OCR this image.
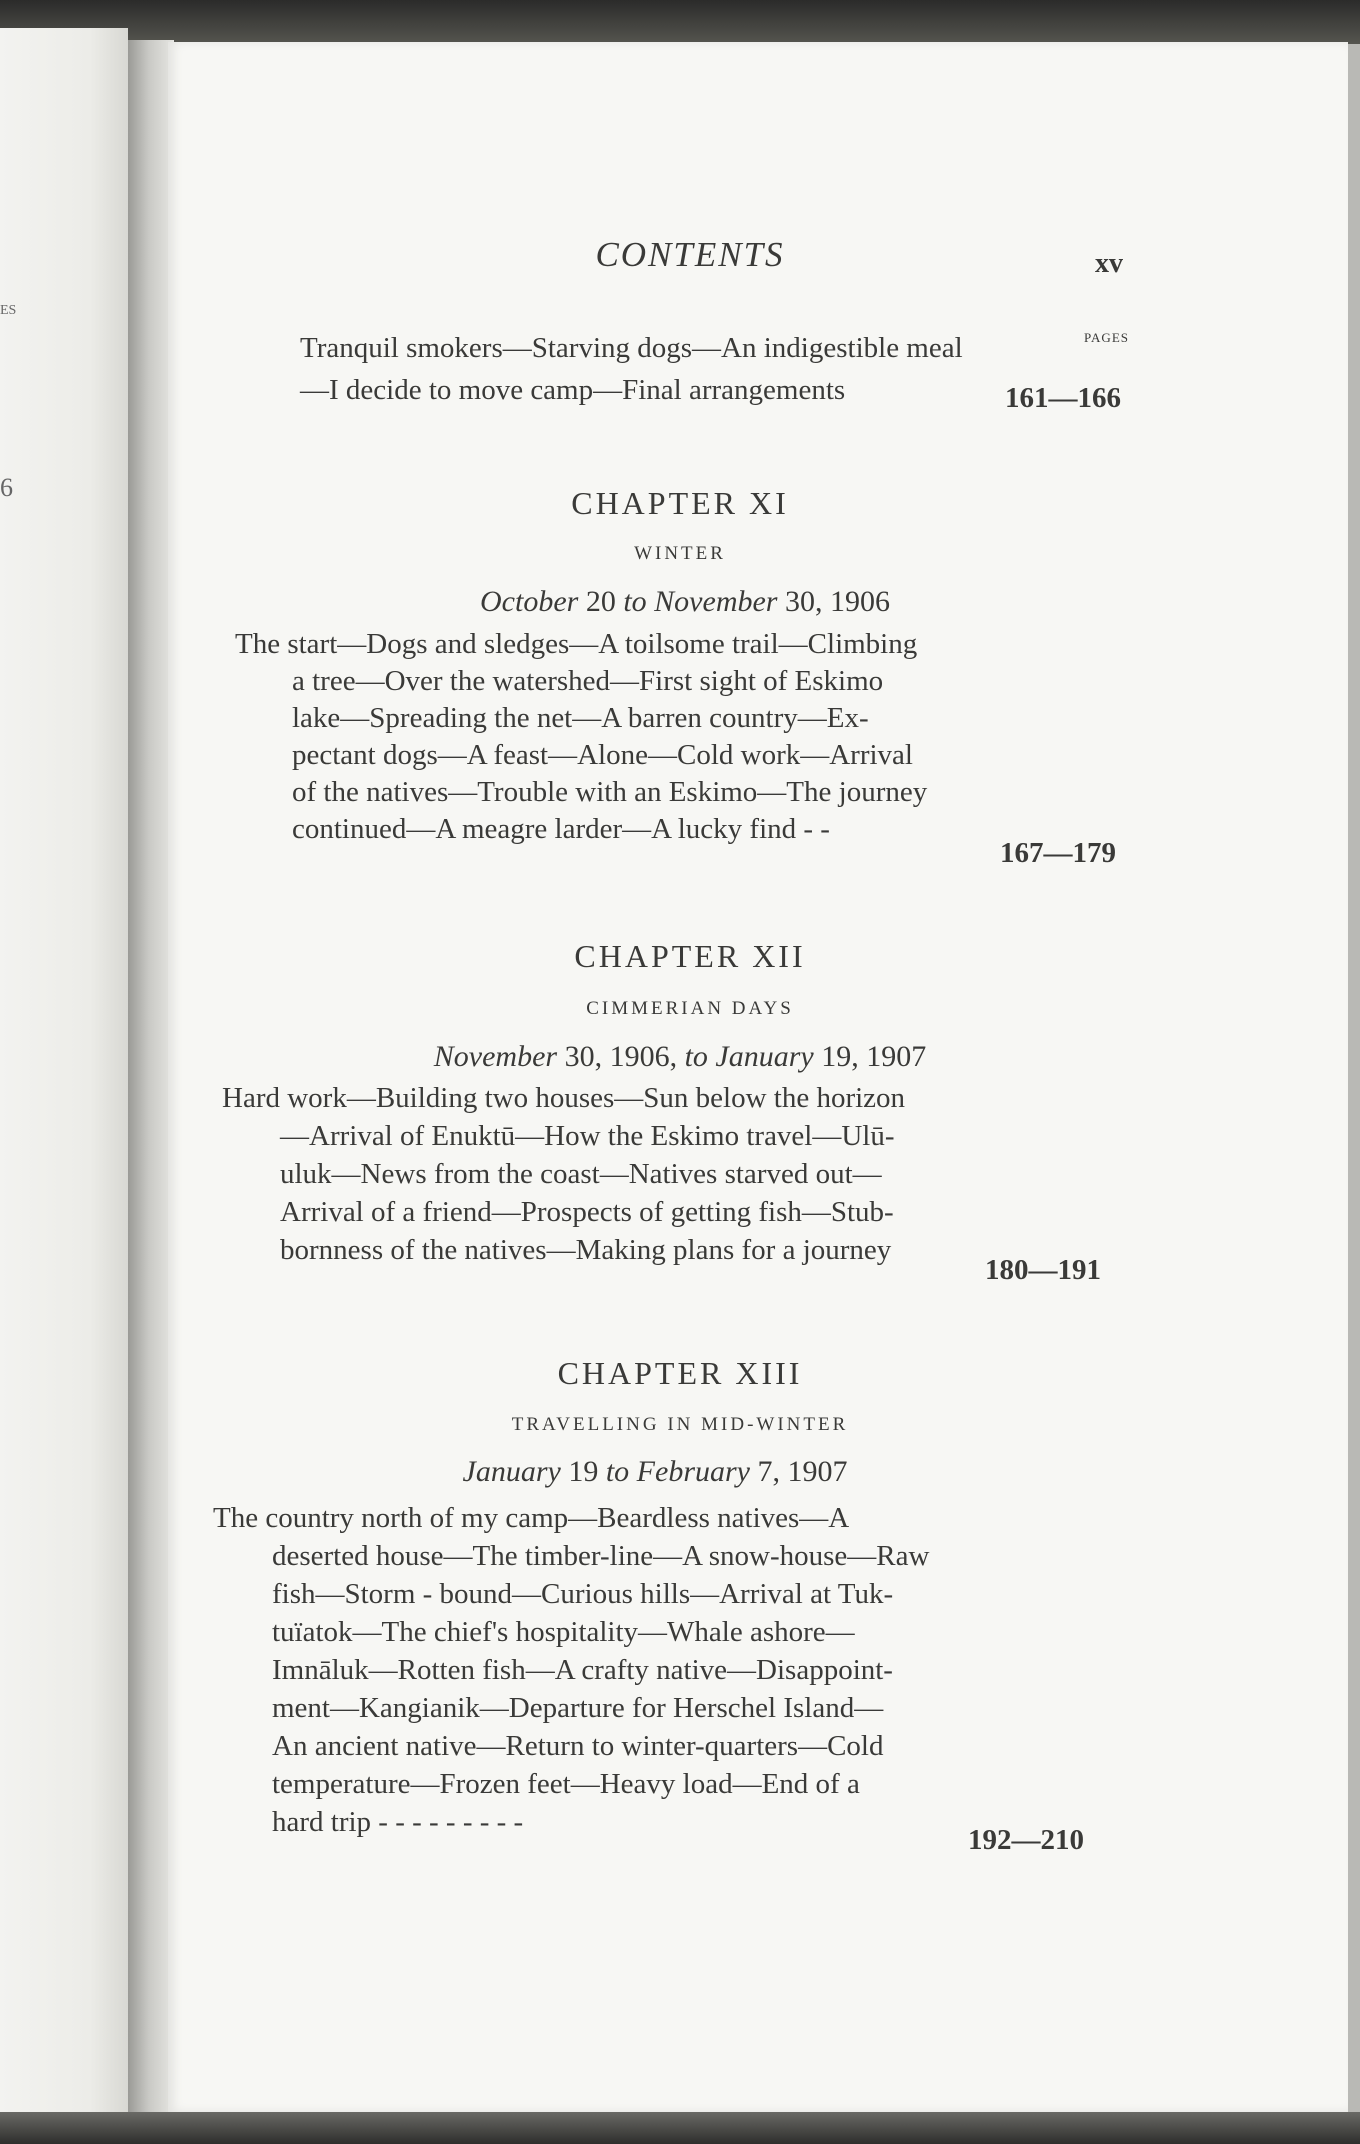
ES
6
CONTENTS	xv
PAGES
Tranquil smokers—Starving dogs—An indigestible meal
—I decide to move camp—Final arrangements	161—166
CHAPTER XI
WINTER
October 20 to November 30, 1906
The start—Dogs and sledges—A toilsome trail—Climbing
a tree—Over the watershed—First sight of Eskimo
lake—Spreading the net—A barren country—Ex-
pectant dogs—A feast—Alone—Cold work—Arrival
of the natives—Trouble with an Eskimo—The journey
continued—A meagre larder—A lucky find - -
167—179
CHAPTER XII
CIMMERIAN DAYS
November 30, 1906, to January 19, 1907
Hard work—Building two houses—Sun below the horizon
—Arrival of Enuktū—How the Eskimo travel—Ulū-
uluk—News from the coast—Natives starved out—
Arrival of a friend—Prospects of getting fish—Stub-
bornness of the natives—Making plans for a journey
180—191
CHAPTER XIII
TRAVELLING IN MID-WINTER
January 19 to February 7, 1907
The country north of my camp—Beardless natives—A
deserted house—The timber-line—A snow-house—Raw
fish—Storm - bound—Curious hills—Arrival at Tuk-
tuïatok—The chief's hospitality—Whale ashore—
Imnāluk—Rotten fish—A crafty native—Disappoint-
ment—Kangianik—Departure for Herschel Island—
An ancient native—Return to winter-quarters—Cold
temperature—Frozen feet—Heavy load—End of a
hard trip - - - - - - - - -
192—210
